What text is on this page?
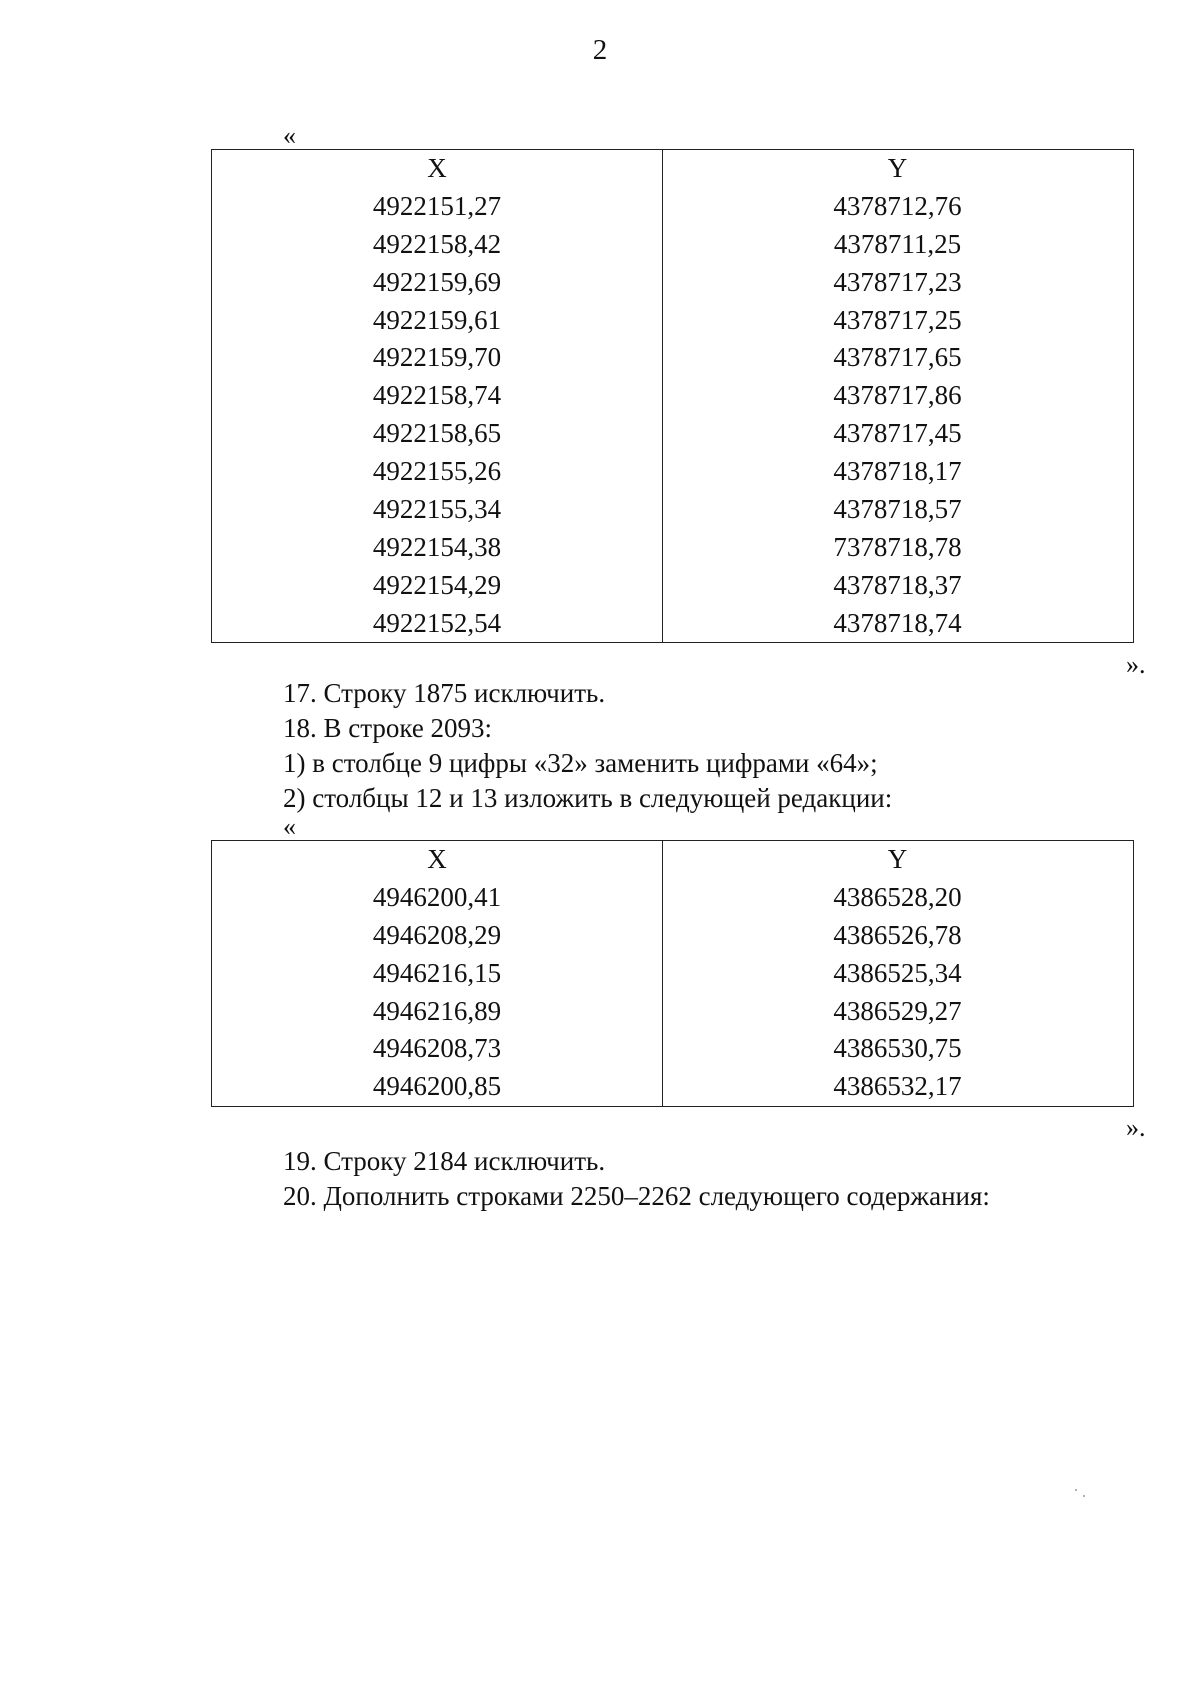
2
«
X
4922151,27
4922158,42
4922159,69
4922159,61
4922159,70
4922158,74
4922158,65
4922155,26
4922155,34
4922154,38
4922154,29
4922152,54
Y
4378712,76
4378711,25
4378717,23
4378717,25
4378717,65
4378717,86
4378717,45
4378718,17
4378718,57
7378718,78
4378718,37
4378718,74
».
17. Строку 1875 исключить.
18. В строке 2093:
1) в столбце 9 цифры «32» заменить цифрами «64»;
2) столбцы 12 и 13 изложить в следующей редакции:
«
X
4946200,41
4946208,29
4946216,15
4946216,89
4946208,73
4946200,85
Y
4386528,20
4386526,78
4386525,34
4386529,27
4386530,75
4386532,17
».
19. Строку 2184 исключить.
20. Дополнить строками 2250–2262 следующего содержания:
